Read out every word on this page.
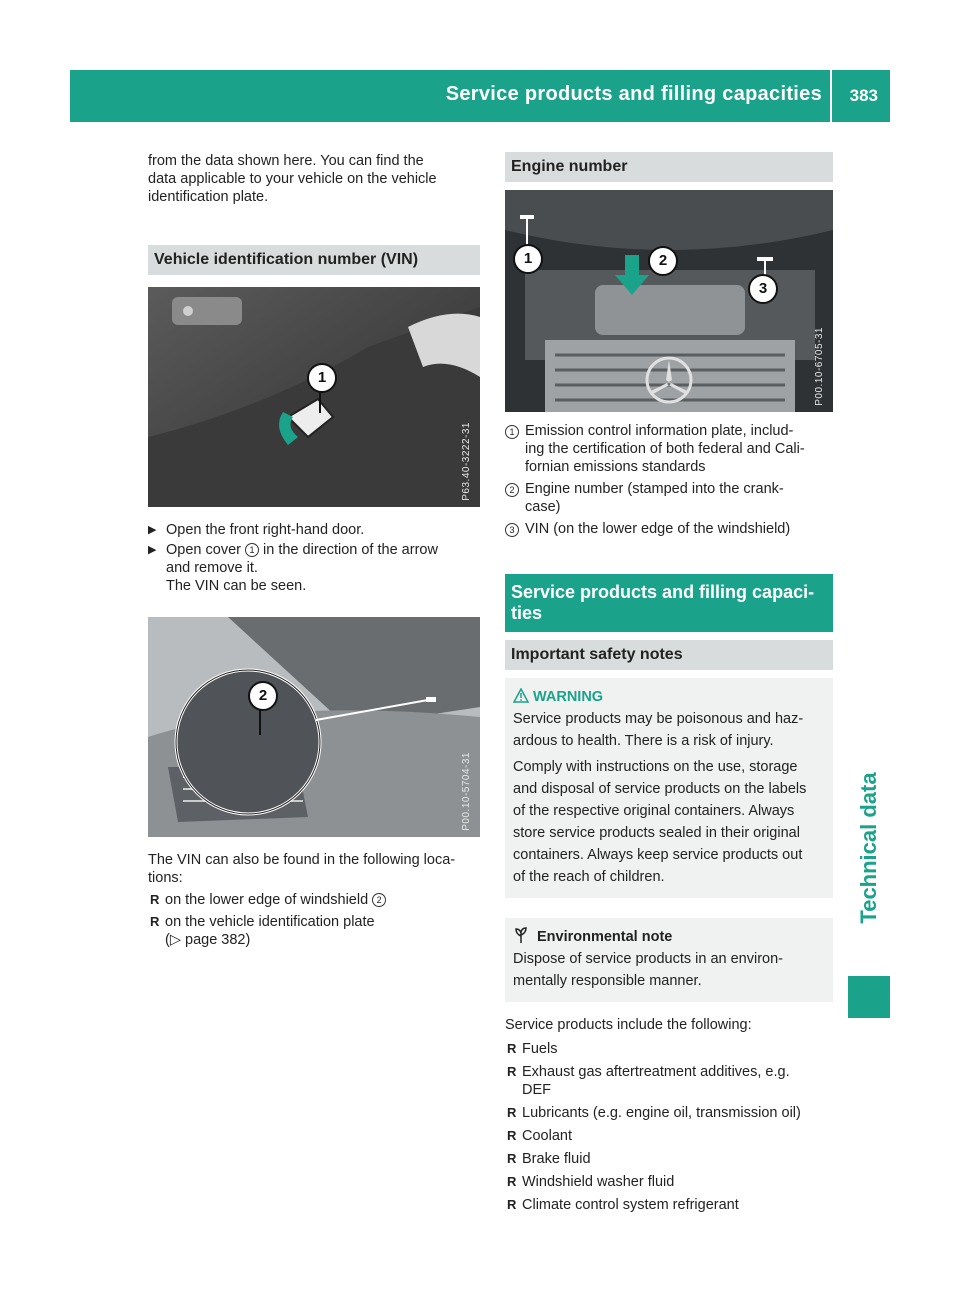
Service products and filling capacities 383
Technical data

from the data shown here. You can find the

data applicable to your vehicle on the vehicle

identification plate.

Vehicle identification number (VIN)
1
P63.40-3222-31
▶ Open the front right-hand door.
▶ Open cover 1 in the direction of the arrow
and remove it.
The VIN can be seen.
2
P00.10-5704-31

The VIN can also be found in the following loca-

tions:

R on the lower edge of windshield 2
R on the vehicle identification plate
(▷ page 382)
Engine number
1	2
3
P00.10-6705-31
1 Emission control information plate, includ-
ing the certification of both federal and Cali-
fornian emissions standards
2 Engine number (stamped into the crank-
case)
3 VIN (on the lower edge of the windshield)
Service products and filling capaci-
ties
Important safety notes
WARNING
Service products may be poisonous and haz-
ardous to health. There is a risk of injury.
Comply with instructions on the use, storage
and disposal of service products on the labels
of the respective original containers. Always
store service products sealed in their original
containers. Always keep service products out
of the reach of children.
Environmental note
Dispose of service products in an environ-
mentally responsible manner.

Service products include the following:

R Fuels
R Exhaust gas aftertreatment additives, e.g.
DEF
R Lubricants (e.g. engine oil, transmission oil)
R Coolant
R Brake fluid
R Windshield washer fluid
R Climate control system refrigerant
